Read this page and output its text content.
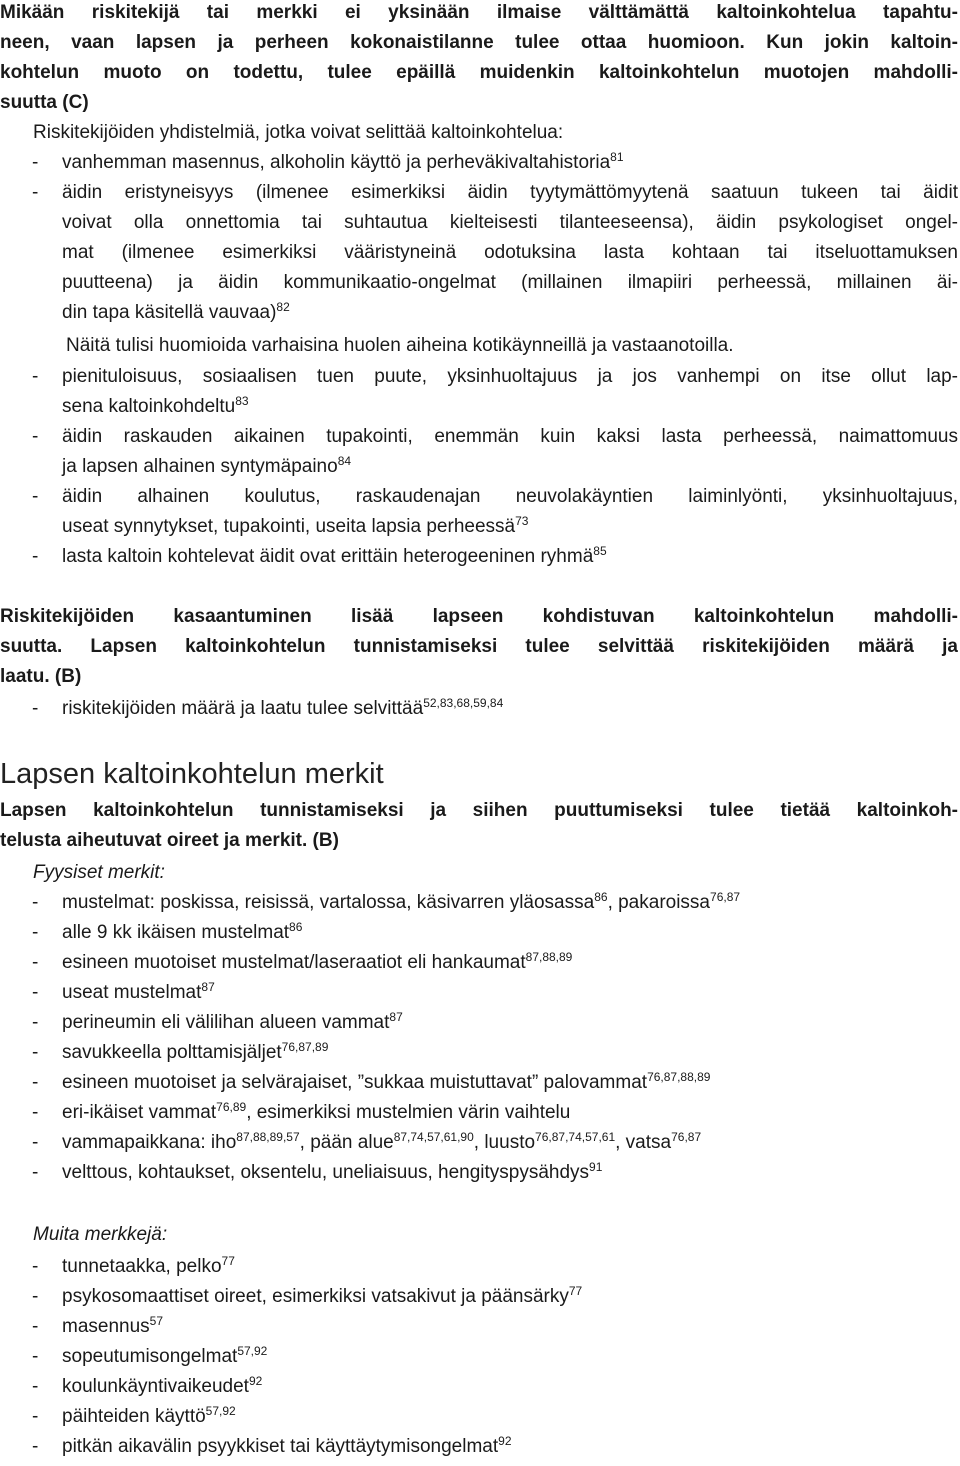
Mikään riskitekijä tai merkki ei yksinään ilmaise välttämättä kaltoinkohtelua tapahtu-
neen, vaan lapsen ja perheen kokonaistilanne tulee ottaa huomioon. Kun jokin kaltoin-
kohtelun muoto on todettu, tulee epäillä muidenkin kaltoinkohtelun muotojen mahdolli-
suutta (C)
Riskitekijöiden yhdistelmiä, jotka voivat selittää kaltoinkohtelua:
- vanhemman masennus, alkoholin käyttö ja perheväkivaltahistoria$^{81}$
- äidin eristyneisyys (ilmenee esimerkiksi äidin tyytymättömyytenä saatuun tukeen tai äidit
voivat olla onnettomia tai suhtautua kielteisesti tilanteeseensa), äidin psykologiset ongel-
mat (ilmenee esimerkiksi vääristyneinä odotuksina lasta kohtaan tai itseluottamuksen
puutteena) ja äidin kommunikaatio-ongelmat (millainen ilmapiiri perheessä, millainen äi-
din tapa käsitellä vauvaa)$^{82}$
Näitä tulisi huomioida varhaisina huolen aiheina kotikäynneillä ja vastaanotoilla.
- pienituloisuus, sosiaalisen tuen puute, yksinhuoltajuus ja jos vanhempi on itse ollut lap-
sena kaltoinkohdeltu$^{83}$
- äidin raskauden aikainen tupakointi, enemmän kuin kaksi lasta perheessä, naimattomuus
ja lapsen alhainen syntymäpaino$^{84}$
- äidin alhainen koulutus, raskaudenajan neuvolakäyntien laiminlyönti, yksinhuoltajuus,
useat synnytykset, tupakointi, useita lapsia perheessä$^{73}$
- lasta kaltoin kohtelevat äidit ovat erittäin heterogeeninen ryhmä$^{85}$
Riskitekijöiden kasaantuminen lisää lapseen kohdistuvan kaltoinkohtelun mahdolli-
suutta. Lapsen kaltoinkohtelun tunnistamiseksi tulee selvittää riskitekijöiden määrä ja
laatu. (B)
- riskitekijöiden määrä ja laatu tulee selvittää$^{52,83,68,59,84}$
Lapsen kaltoinkohtelun merkit
Lapsen kaltoinkohtelun tunnistamiseksi ja siihen puuttumiseksi tulee tietää kaltoinkoh-
telusta aiheutuvat oireet ja merkit. (B)
Fyysiset merkit:
- mustelmat: poskissa, reisissä, vartalossa, käsivarren yläosassa$^{86}$, pakaroissa$^{76,87}$
- alle 9 kk ikäisen mustelmat$^{86}$
- esineen muotoiset mustelmat/laseraatiot eli hankaumat$^{87,88,89}$
- useat mustelmat$^{87}$
- perineumin eli välilihan alueen vammat$^{87}$
- savukkeella polttamisjäljet$^{76,87,89}$
- esineen muotoiset ja selvärajaiset, ”sukkaa muistuttavat” palovammat$^{76,87,88,89}$
- eri-ikäiset vammat$^{76,89}$, esimerkiksi mustelmien värin vaihtelu
- vammapaikkana: iho$^{87,88,89,57}$, pään alue$^{87,74,57,61,90}$, luusto$^{76,87,74,57,61}$, vatsa$^{76,87}$
- velttous, kohtaukset, oksentelu, uneliaisuus, hengityspysähdys$^{91}$
Muita merkkejä:
- tunnetaakka, pelko$^{77}$
- psykosomaattiset oireet, esimerkiksi vatsakivut ja päänsärky$^{77}$
- masennus$^{57}$
- sopeutumisongelmat$^{57,92}$
- koulunkäyntivaikeudet$^{92}$
- päihteiden käyttö$^{57,92}$
- pitkän aikavälin psyykkiset tai käyttäytymisongelmat$^{92}$
